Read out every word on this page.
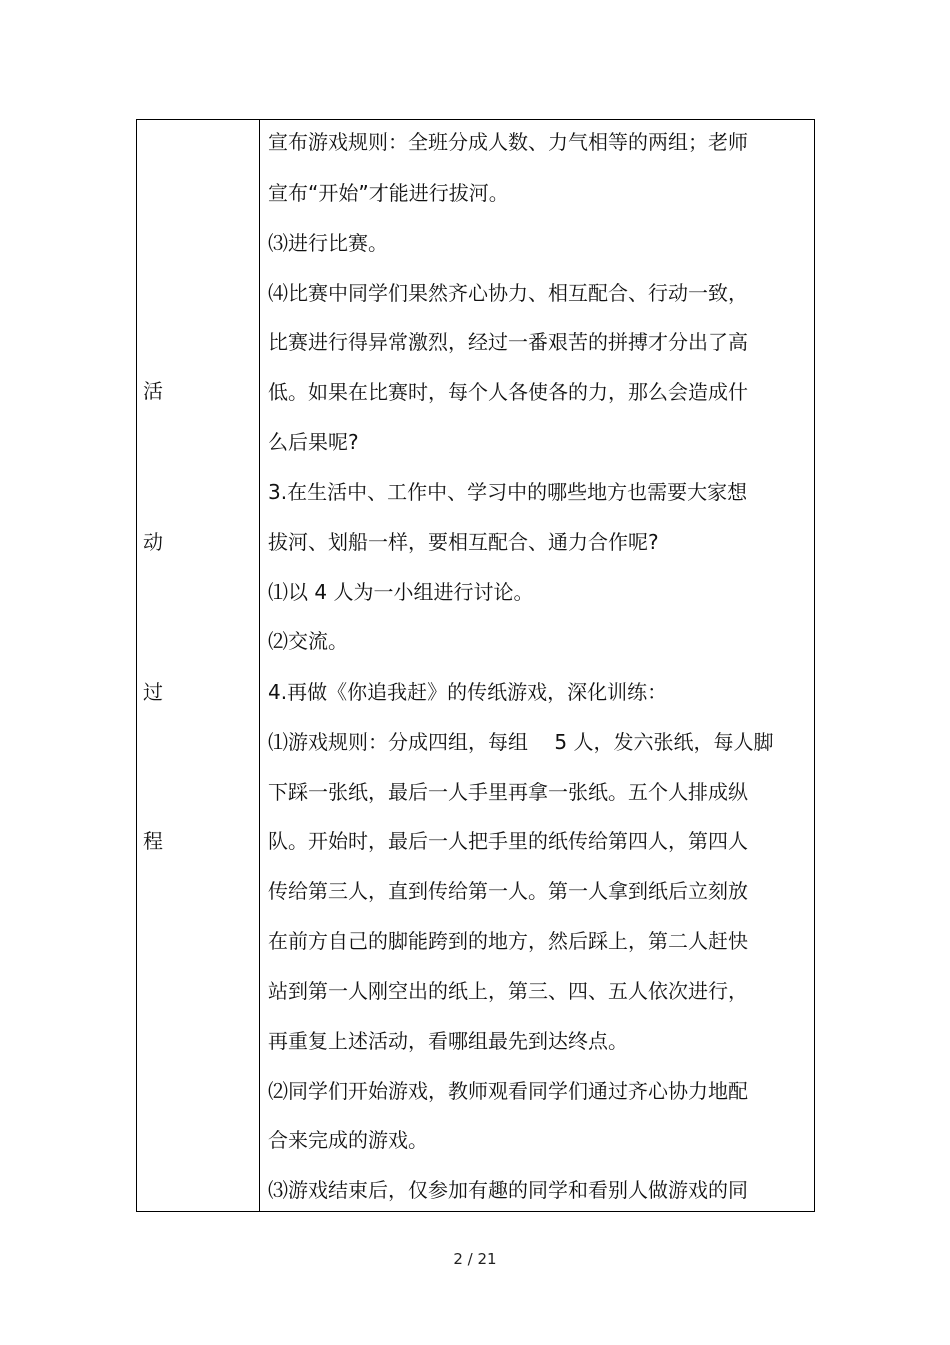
活
动
过
程
宣布游戏规则：全班分成人数、力气相等的两组；老师
宣布“开始”才能进行拔河。
⑶进行比赛。
⑷比赛中同学们果然齐心协力、相互配合、行动一致，
比赛进行得异常激烈，经过一番艰苦的拼搏才分出了高
低。如果在比赛时，每个人各使各的力，那么会造成什
么后果呢?
3.在生活中、工作中、学习中的哪些地方也需要大家想
拔河、划船一样，要相互配合、通力合作呢?
⑴以 4 人为一小组进行讨论。
⑵交流。
4.再做《你追我赶》的传纸游戏，深化训练：
⑴游戏规则：分成四组，每组　 5 人，发六张纸，每人脚
下踩一张纸，最后一人手里再拿一张纸。五个人排成纵
队。开始时，最后一人把手里的纸传给第四人，第四人
传给第三人，直到传给第一人。第一人拿到纸后立刻放
在前方自己的脚能跨到的地方，然后踩上，第二人赶快
站到第一人刚空出的纸上，第三、四、五人依次进行，
再重复上述活动，看哪组最先到达终点。
⑵同学们开始游戏，教师观看同学们通过齐心协力地配
合来完成的游戏。
⑶游戏结束后，仅参加有趣的同学和看别人做游戏的同
2 / 21
